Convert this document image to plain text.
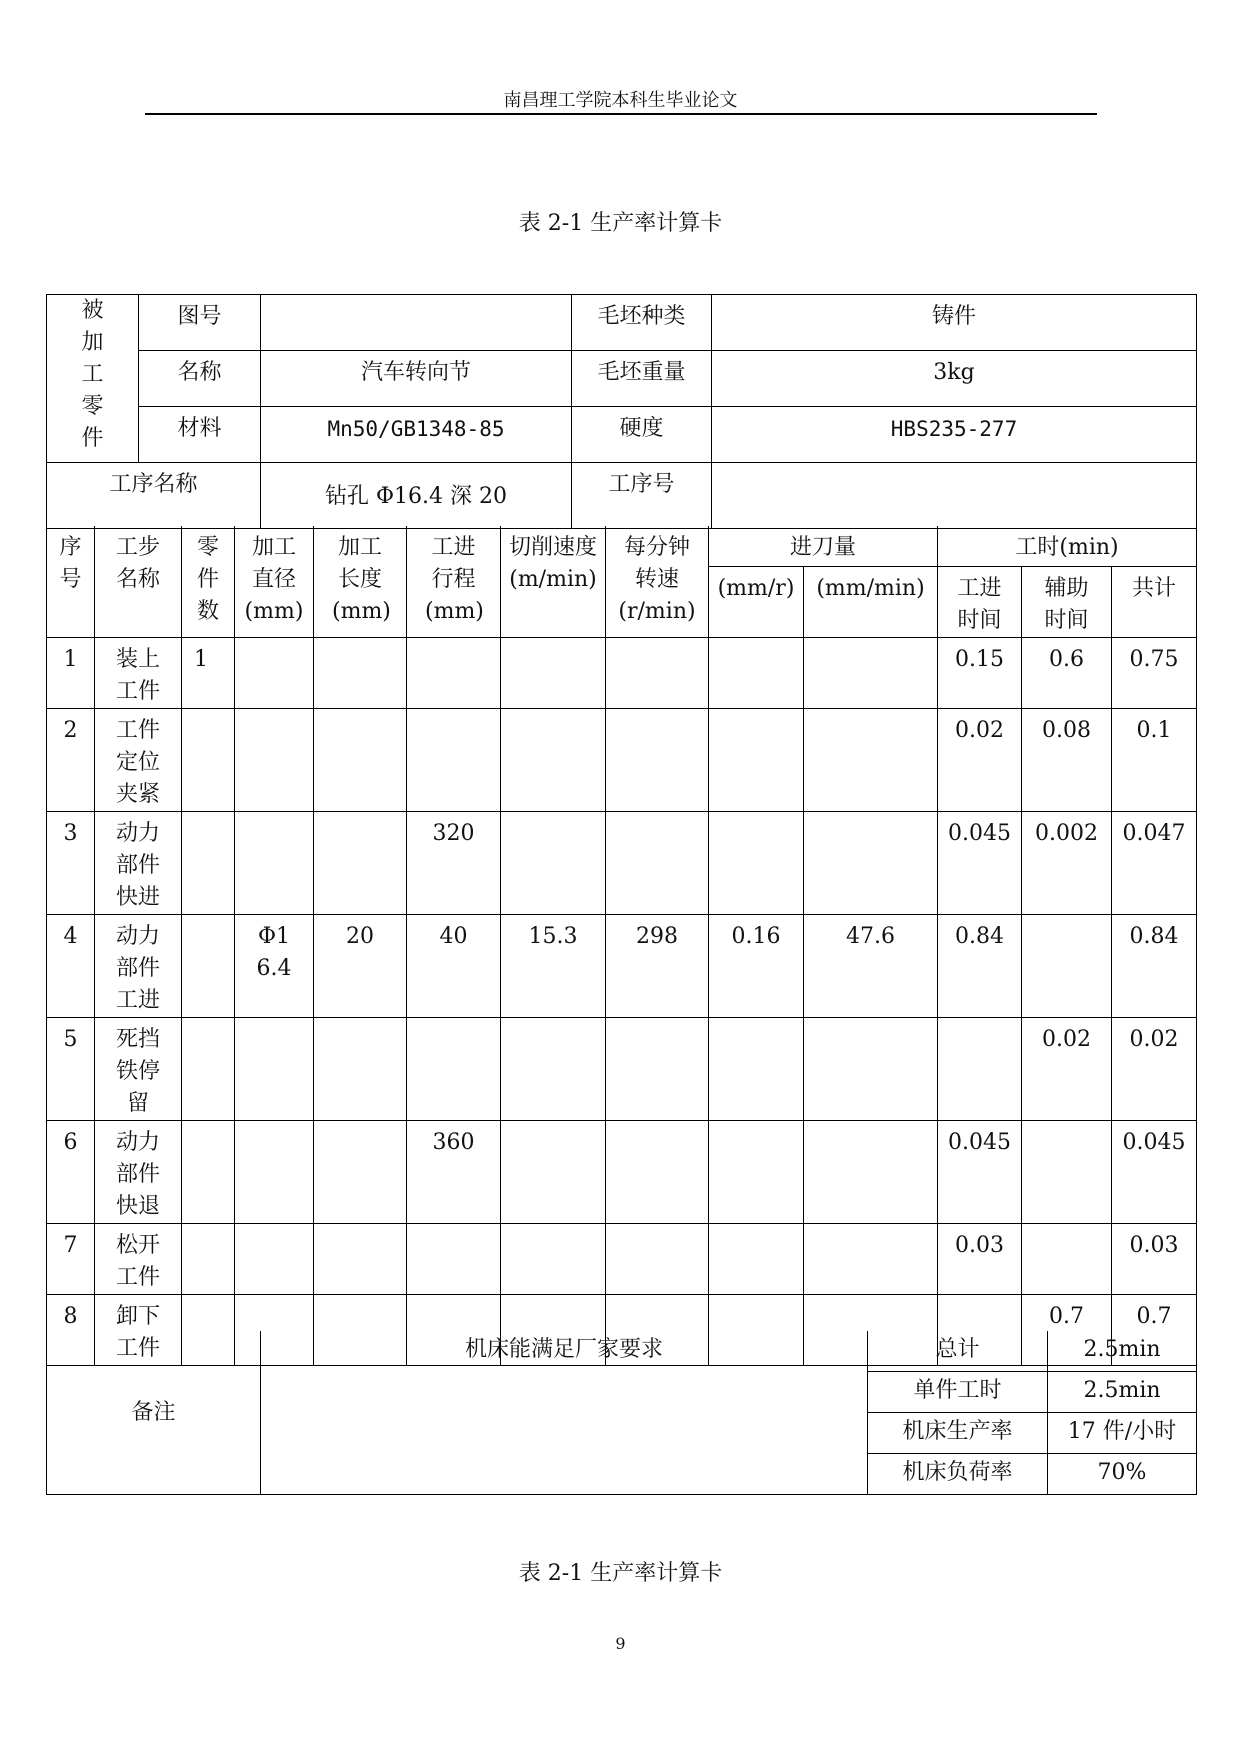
南昌理工学院本科生毕业论文
表 2-1 生产率计算卡
被加工零件	图号		毛坯种类	铸件
	名称	汽车转向节	毛坯重量	3kg
	材料	Mn50/GB1348-85	硬度	HBS235-277
工序名称		钻孔 Φ16.4 深 20	工序号	
序号	工步名称	零件数	加工直径(mm)	加工长度(mm)	工进行程(mm)	切削速度(m/min)	每分钟转速(r/min)	进刀量		工时(min)		
								(mm/r)	(mm/min)	工进时间	辅助时间	共计
1	装上工件	1								0.15	0.6	0.75
2	工件定位夹紧									0.02	0.08	0.1
3	动力部件快进				320					0.045	0.002	0.047
4	动力部件工进		Φ16.4	20	40	15.3	298	0.16	47.6	0.84		0.84
5	死挡铁停留										0.02	0.02
6	动力部件快退				360					0.045		0.045
7	松开工件									0.03		0.03
8	卸下工件										0.7	0.7
备注	机床能满足厂家要求	总计	2.5min
		单件工时	2.5min
		机床生产率	17 件/小时
		机床负荷率	70%
表 2-1 生产率计算卡
9
